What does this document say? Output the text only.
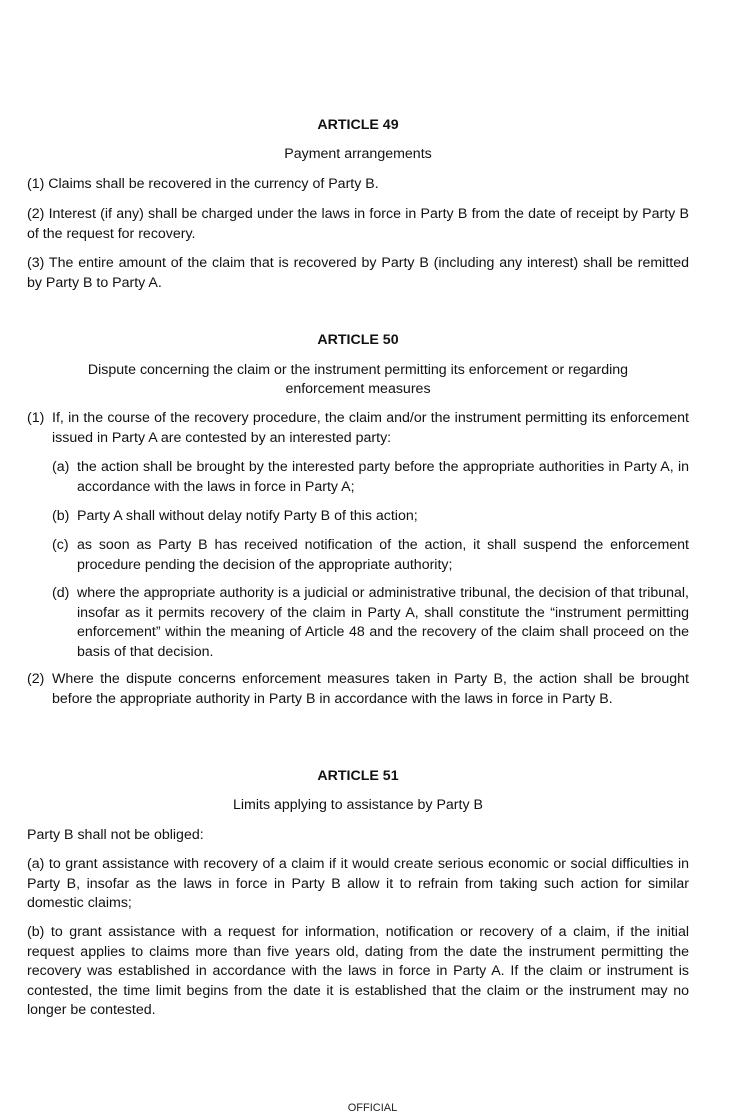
ARTICLE 49
Payment arrangements
(1) Claims shall be recovered in the currency of Party B.
(2) Interest (if any) shall be charged under the laws in force in Party B from the date of receipt by Party B of the request for recovery.
(3) The entire amount of the claim that is recovered by Party B (including any interest) shall be remitted by Party B to Party A.
ARTICLE 50
Dispute concerning the claim or the instrument permitting its enforcement or regarding
enforcement measures
(1) If, in the course of the recovery procedure, the claim and/or the instrument permitting its enforcement issued in Party A are contested by an interested party:
(a) the action shall be brought by the interested party before the appropriate authorities in Party A, in accordance with the laws in force in Party A;
(b) Party A shall without delay notify Party B of this action;
(c) as soon as Party B has received notification of the action, it shall suspend the enforcement procedure pending the decision of the appropriate authority;
(d) where the appropriate authority is a judicial or administrative tribunal, the decision of that tribunal, insofar as it permits recovery of the claim in Party A, shall constitute the “instrument permitting enforcement” within the meaning of Article 48 and the recovery of the claim shall proceed on the basis of that decision.
(2) Where the dispute concerns enforcement measures taken in Party B, the action shall be brought before the appropriate authority in Party B in accordance with the laws in force in Party B.
ARTICLE 51
Limits applying to assistance by Party B
Party B shall not be obliged:
(a) to grant assistance with recovery of a claim if it would create serious economic or social difficulties in Party B, insofar as the laws in force in Party B allow it to refrain from taking such action for similar domestic claims;
(b) to grant assistance with a request for information, notification or recovery of a claim, if the initial request applies to claims more than five years old, dating from the date the instrument permitting the recovery was established in accordance with the laws in force in Party A. If the claim or instrument is contested, the time limit begins from the date it is established that the claim or the instrument may no longer be contested.
OFFICIAL
